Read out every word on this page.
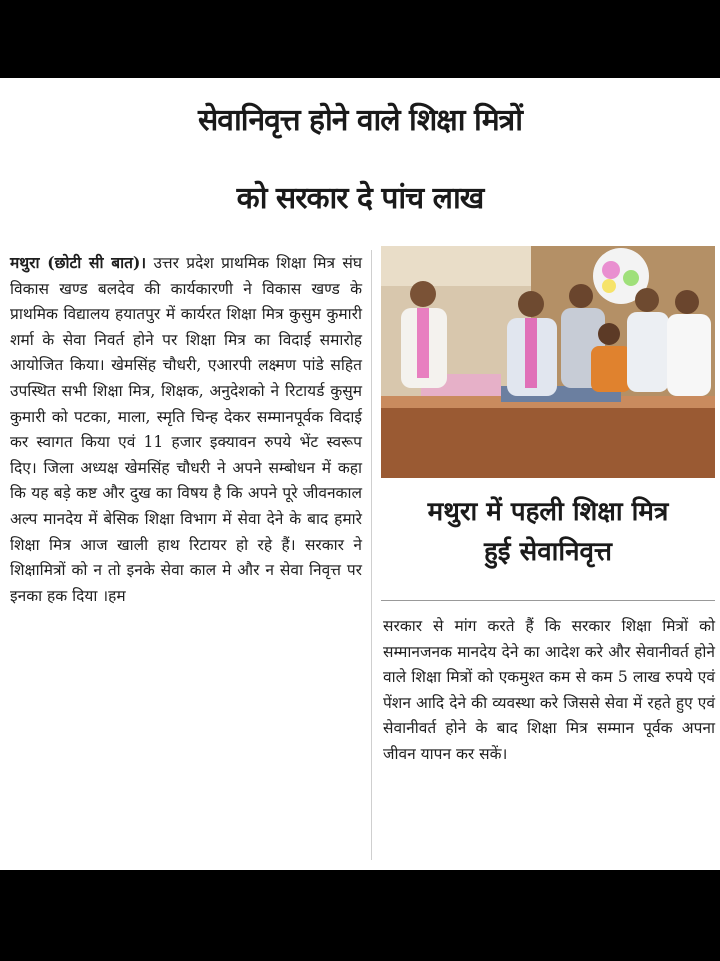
सेवानिवृत्त होने वाले शिक्षा मित्रों
को सरकार दे पांच लाख
मथुरा (छोटी सी बात)। उत्तर प्रदेश प्राथमिक शिक्षा मित्र संघ विकास खण्ड बलदेव की कार्यकारणी ने विकास खण्ड के प्राथमिक विद्यालय हयातपुर में कार्यरत शिक्षा मित्र कुसुम कुमारी शर्मा के सेवा निवर्त होने पर शिक्षा मित्र का विदाई समारोह आयोजित किया। खेमसिंह चौधरी, एआरपी लक्ष्मण पांडे सहित उपस्थित सभी शिक्षा मित्र, शिक्षक, अनुदेशको ने रिटायर्ड कुसुम कुमारी को पटका, माला, स्मृति चिन्ह देकर सम्मानपूर्वक विदाई कर स्वागत किया एवं 11 हजार इक्यावन रुपये भेंट स्वरूप दिए। जिला अध्यक्ष खेमसिंह चौधरी ने अपने सम्बोधन में कहा कि यह बड़े कष्ट और दुख का विषय है कि अपने पूरे जीवनकाल अल्प मानदेय में बेसिक शिक्षा विभाग में सेवा देने के बाद हमारे शिक्षा मित्र आज खाली हाथ रिटायर हो रहे हैं। सरकार ने शिक्षामित्रों को न तो इनके सेवा काल मे और न सेवा निवृत्त पर इनका हक दिया ।हम
मथुरा में पहली शिक्षा मित्र
हुई सेवानिवृत्त
सरकार से मांग करते हैं कि सरकार शिक्षा मित्रों को सम्मानजनक मानदेय देने का आदेश करे और सेवानीवर्त होने वाले शिक्षा मित्रों को एकमुश्त कम से कम 5 लाख रुपये एवं पेंशन आदि देने की व्यवस्था करे जिससे सेवा में रहते हुए एवं सेवानीवर्त होने के बाद शिक्षा मित्र सम्मान पूर्वक अपना जीवन यापन कर सकें।
